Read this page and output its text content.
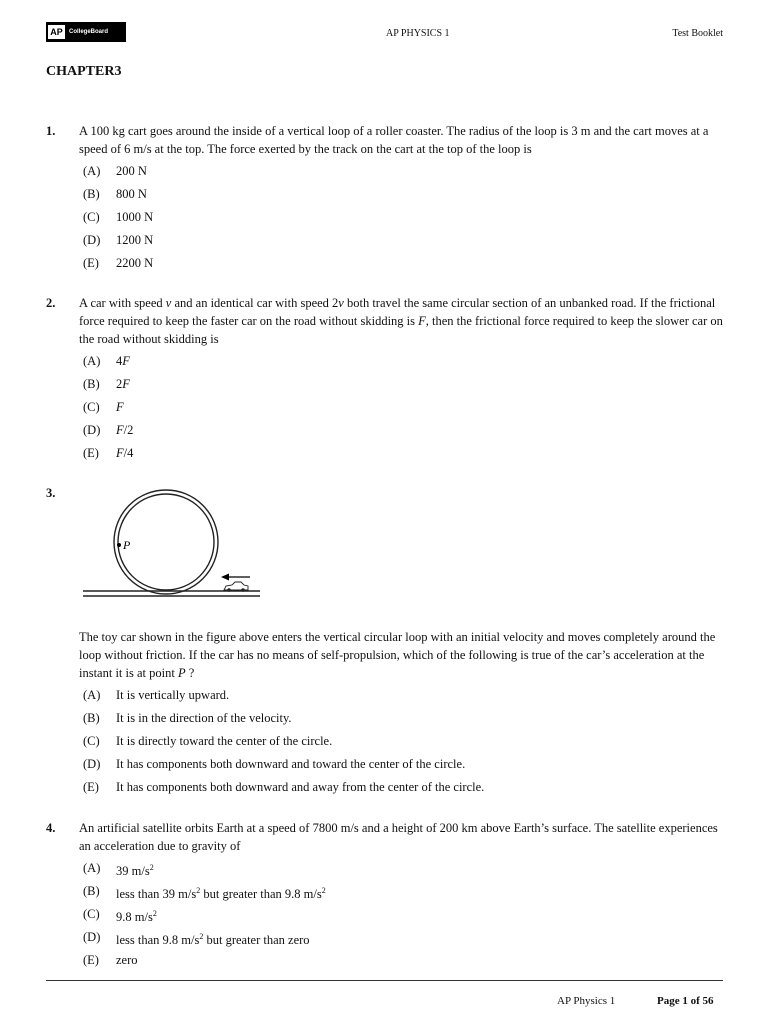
AP	CollegeBoard	AP PHYSICS 1	Test Booklet
CHAPTER3
1. A 100 kg cart goes around the inside of a vertical loop of a roller coaster. The radius of the loop is 3 m and the cart moves at a speed of 6 m/s at the top. The force exerted by the track on the cart at the top of the loop is
(A)	200 N
(B)	800 N
(C)	1000 N
(D)	1200 N
(E)	2200 N
2. A car with speed v and an identical car with speed 2v both travel the same circular section of an unbanked road. If the frictional force required to keep the faster car on the road without skidding is F, then the frictional force required to keep the slower car on the road without skidding is
(A)	4F
(B)	2F
(C)	F
(D)	F/2
(E)	F/4
3.
P
The toy car shown in the figure above enters the vertical circular loop with an initial velocity and moves completely around the loop without friction. If the car has no means of self-propulsion, which of the following is true of the car’s acceleration at the instant it is at point P ?
(A)	It is vertically upward.
(B)	It is in the direction of the velocity.
(C)	It is directly toward the center of the circle.
(D)	It has components both downward and toward the center of the circle.
(E)	It has components both downward and away from the center of the circle.
4. An artificial satellite orbits Earth at a speed of 7800 m/s and a height of 200 km above Earth’s surface. The satellite experiences an acceleration due to gravity of
(A)	39 $m/s^2$
(B)	less than 39 $m/s^2$ but greater than 9.8 $m/s^2$
(C)	9.8 $m/s^2$
(D)	less than 9.8 $m/s^2$ but greater than zero
(E)	zero
AP Physics 1	Page 1 of 56
